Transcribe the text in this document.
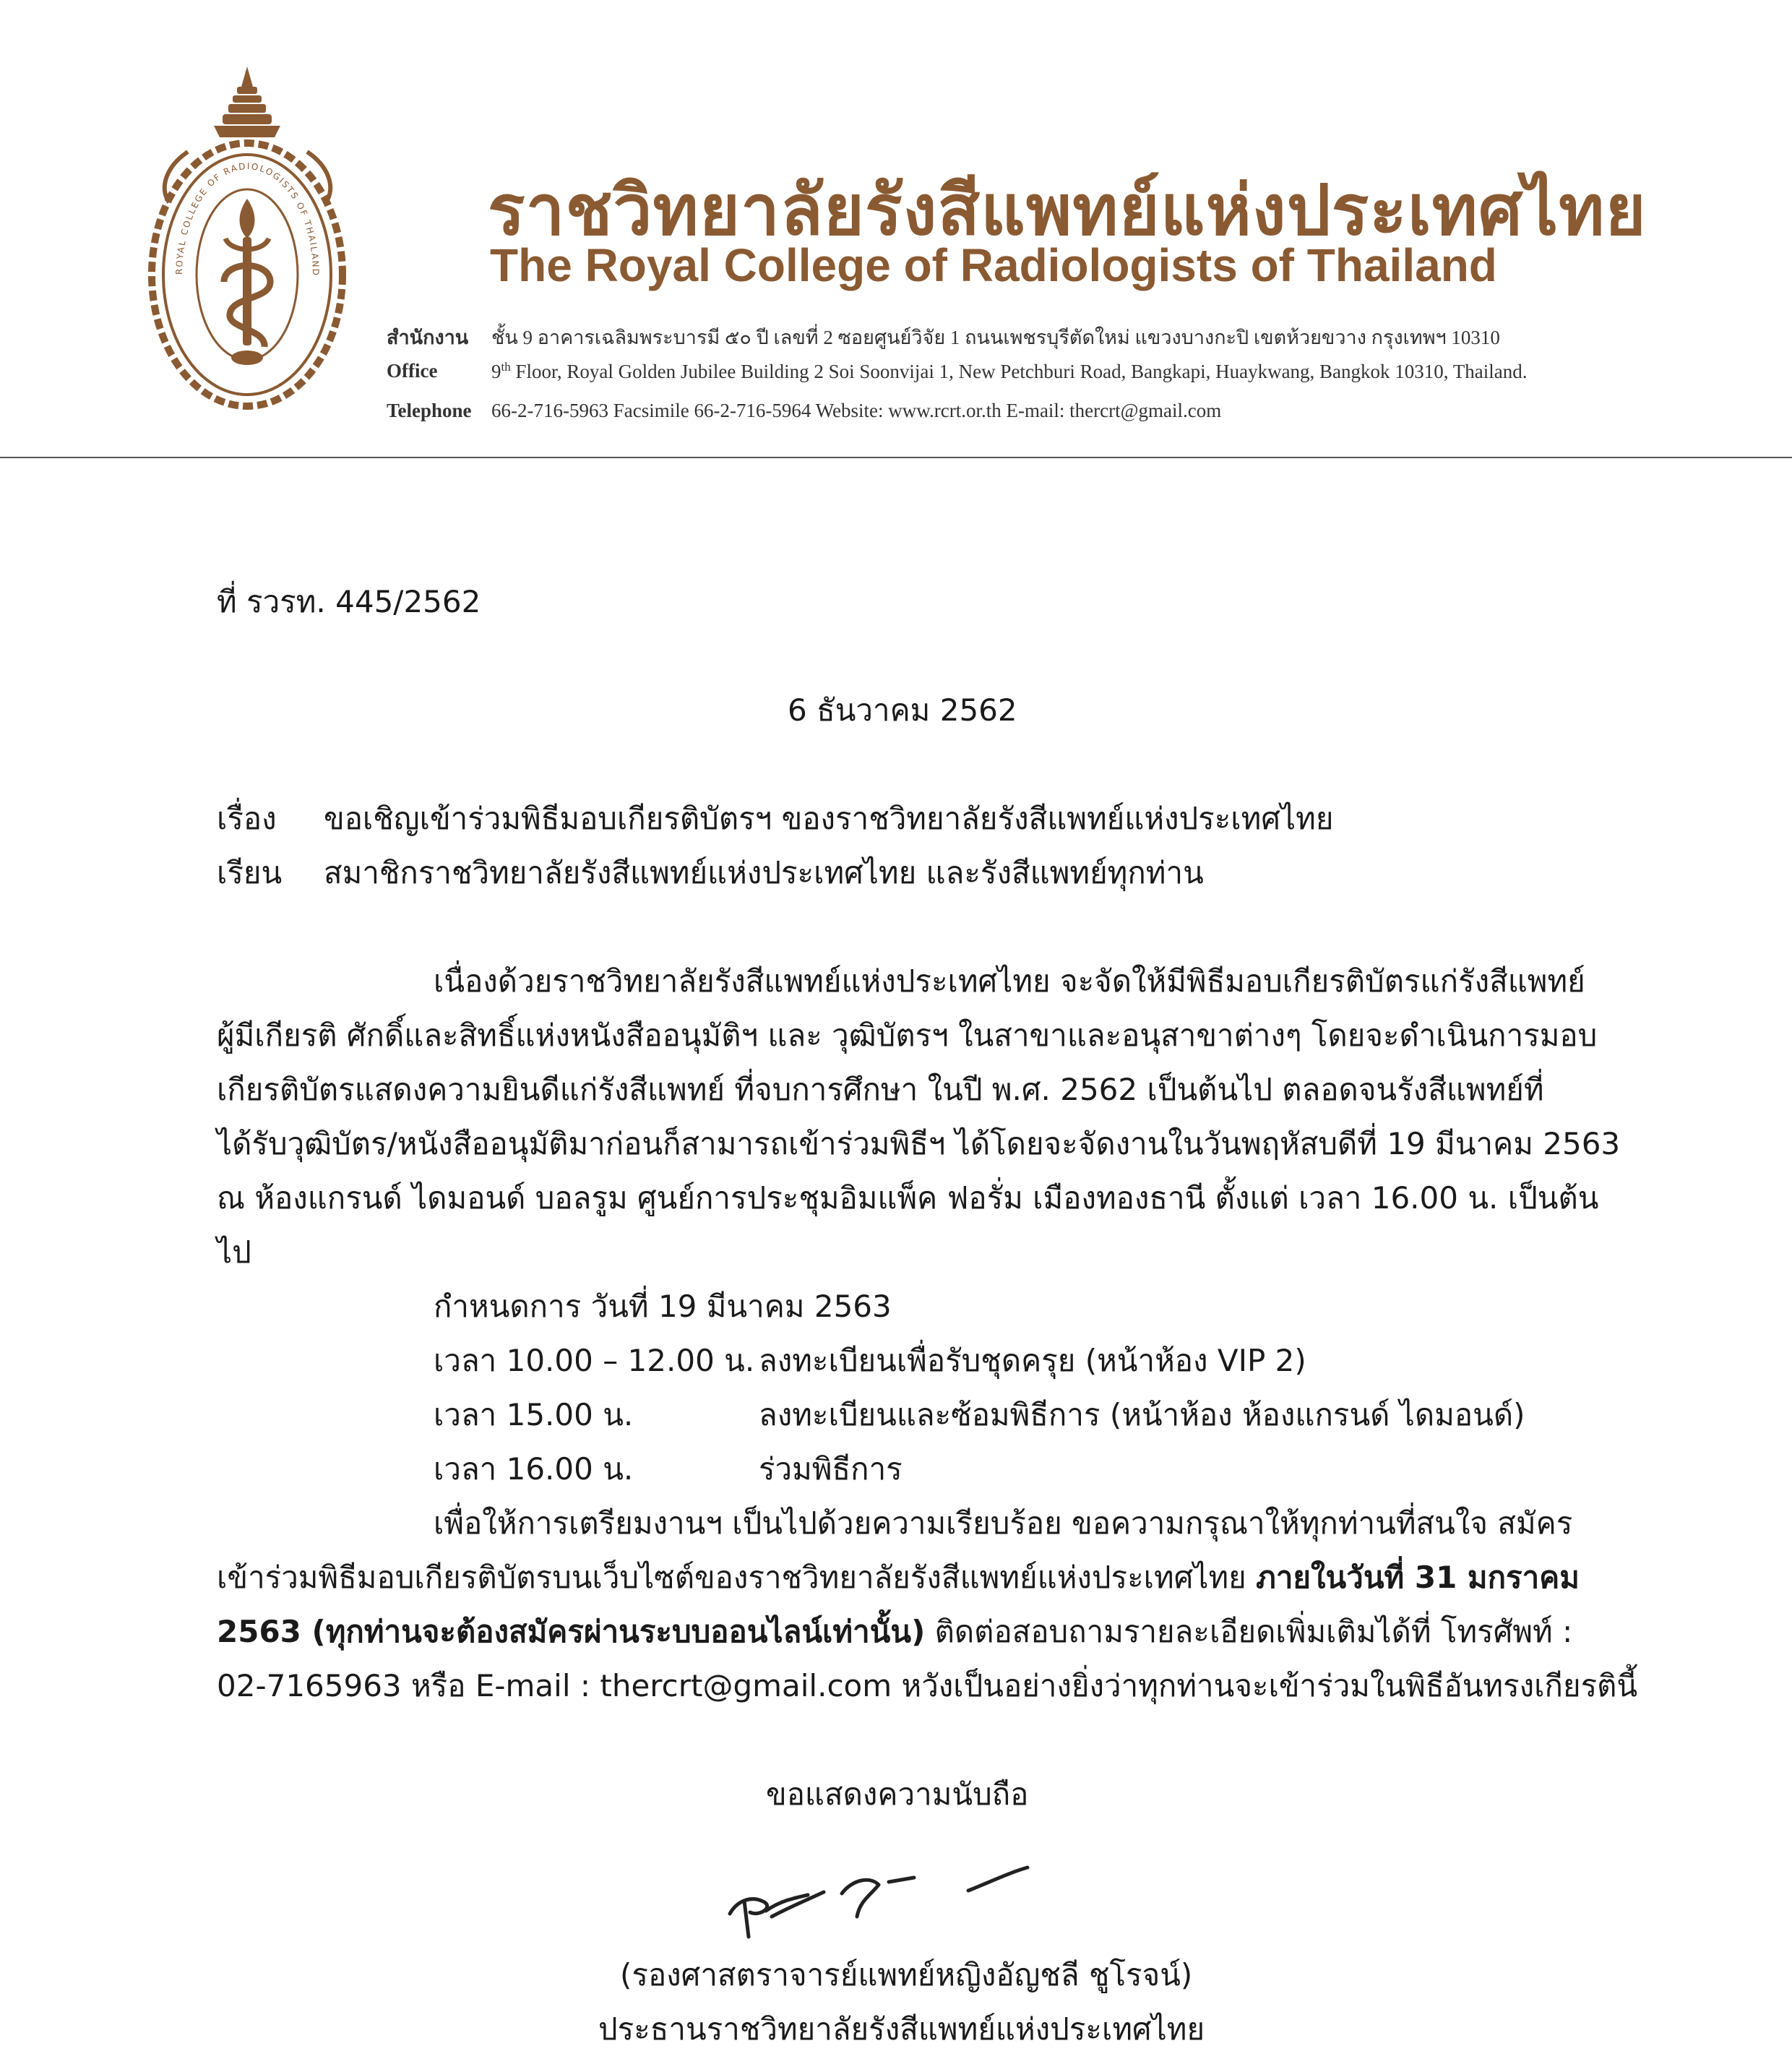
ROYAL COLLEGE OF RADIOLOGISTS OF THAILAND
ราชวิทยาลัยรังสีแพทย์แห่งประเทศไทย
The Royal College of Radiologists of Thailand
สำนักงาน ชั้น 9 อาคารเฉลิมพระบารมี ๕๐ ปี เลขที่ 2 ซอยศูนย์วิจัย 1 ถนนเพชรบุรีตัดใหม่ แขวงบางกะปิ เขตห้วยขวาง กรุงเทพฯ 10310
Office	9th Floor, Royal Golden Jubilee Building 2 Soi Soonvijai 1, New Petchburi Road, Bangkapi, Huaykwang, Bangkok 10310, Thailand.
Telephone 66-2-716-5963 Facsimile 66-2-716-5964 Website: www.rcrt.or.th E-mail: thercrt@gmail.com
ที่ รวรท. 445/2562
6 ธันวาคม 2562
เรื่อง ขอเชิญเข้าร่วมพิธีมอบเกียรติบัตรฯ ของราชวิทยาลัยรังสีแพทย์แห่งประเทศไทย
เรียน สมาชิกราชวิทยาลัยรังสีแพทย์แห่งประเทศไทย และรังสีแพทย์ทุกท่าน
เนื่องด้วยราชวิทยาลัยรังสีแพทย์แห่งประเทศไทย จะจัดให้มีพิธีมอบเกียรติบัตรแก่รังสีแพทย์
ผู้มีเกียรติ ศักดิ์และสิทธิ์แห่งหนังสืออนุมัติฯ และ วุฒิบัตรฯ ในสาขาและอนุสาขาต่างๆ โดยจะดำเนินการมอบ
เกียรติบัตรแสดงความยินดีแก่รังสีแพทย์ ที่จบการศึกษา ในปี พ.ศ. 2562 เป็นต้นไป ตลอดจนรังสีแพทย์ที่
ได้รับวุฒิบัตร/หนังสืออนุมัติมาก่อนก็สามารถเข้าร่วมพิธีฯ ได้โดยจะจัดงานในวันพฤหัสบดีที่ 19 มีนาคม 2563
ณ ห้องแกรนด์ ไดมอนด์ บอลรูม ศูนย์การประชุมอิมแพ็ค ฟอรั่ม เมืองทองธานี ตั้งแต่ เวลา 16.00 น. เป็นต้น
ไป
กำหนดการ วันที่ 19 มีนาคม 2563
เวลา 10.00 – 12.00 น. ลงทะเบียนเพื่อรับชุดครุย (หน้าห้อง VIP 2)
เวลา 15.00 น.	ลงทะเบียนและซ้อมพิธีการ (หน้าห้อง ห้องแกรนด์ ไดมอนด์)
เวลา 16.00 น.	ร่วมพิธีการ
เพื่อให้การเตรียมงานฯ เป็นไปด้วยความเรียบร้อย ขอความกรุณาให้ทุกท่านที่สนใจ สมัคร
เข้าร่วมพิธีมอบเกียรติบัตรบนเว็บไซต์ของราชวิทยาลัยรังสีแพทย์แห่งประเทศไทย ภายในวันที่ 31 มกราคม
2563 (ทุกท่านจะต้องสมัครผ่านระบบออนไลน์เท่านั้น) ติดต่อสอบถามรายละเอียดเพิ่มเติมได้ที่ โทรศัพท์ :
02-7165963 หรือ E-mail : thercrt@gmail.com หวังเป็นอย่างยิ่งว่าทุกท่านจะเข้าร่วมในพิธีอันทรงเกียรตินี้
ขอแสดงความนับถือ
(รองศาสตราจารย์แพทย์หญิงอัญชลี ชูโรจน์)
ประธานราชวิทยาลัยรังสีแพทย์แห่งประเทศไทย
